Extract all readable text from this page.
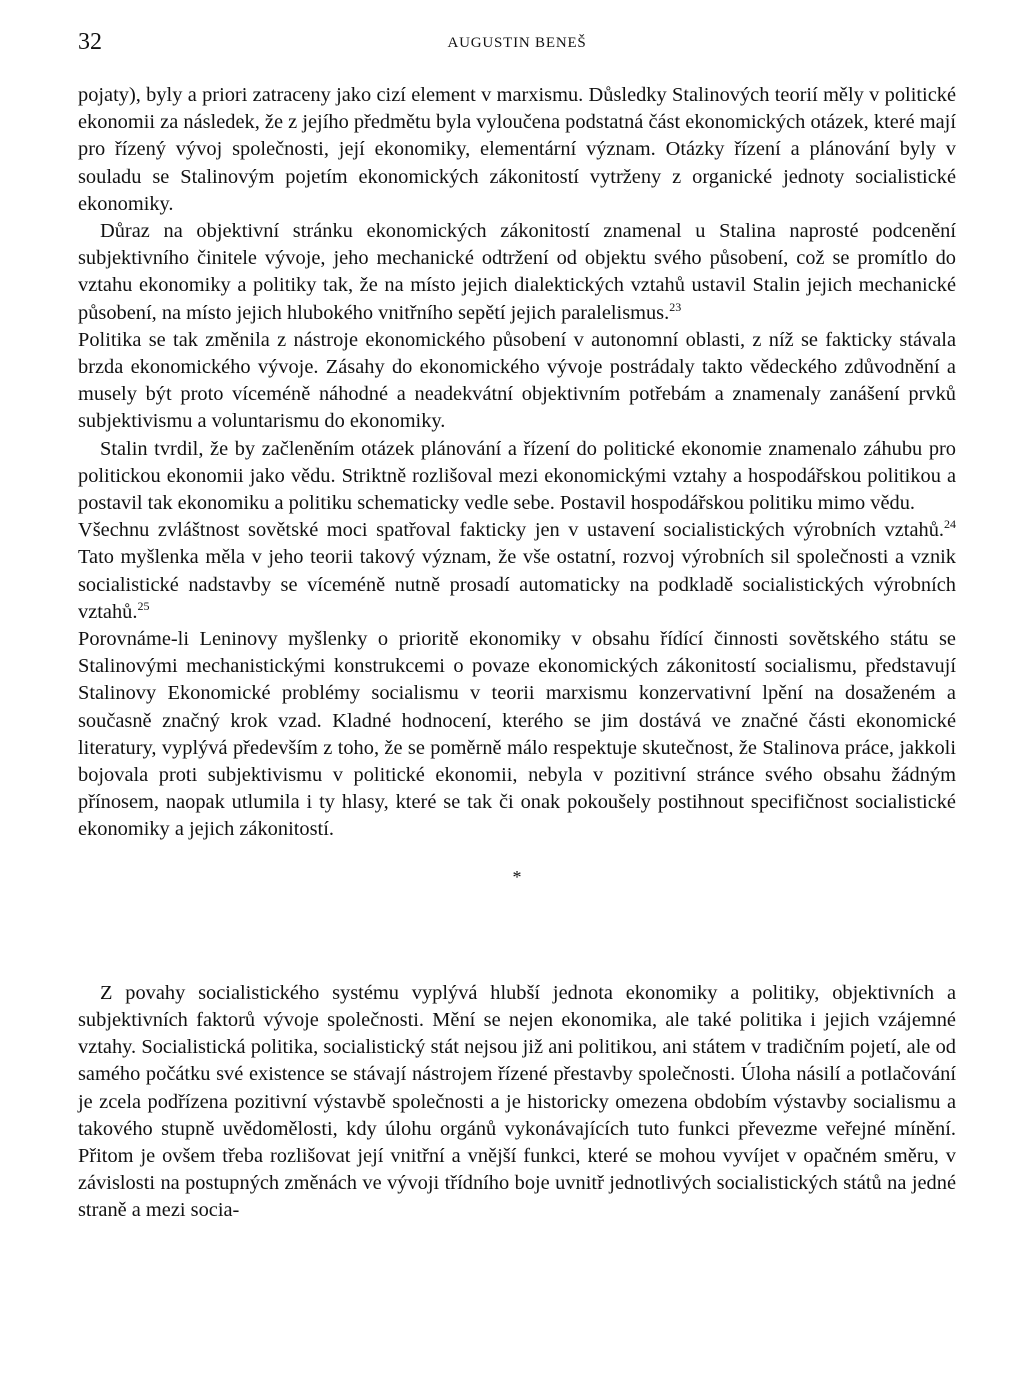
32	AUGUSTIN BENEŠ

pojaty), byly a priori zatraceny jako cizí element v marxismu. Důsledky Stalinových teorií měly v politické ekonomii za následek, že z jejího předmětu byla vyloučena podstatná část ekonomických otázek, které mají pro řízený vývoj společnosti, její ekonomiky, elementární význam. Otázky řízení a plánování byly v souladu se Stalinovým pojetím ekonomických zákonitostí vytrženy z organické jednoty socialistické ekonomiky.

Důraz na objektivní stránku ekonomických zákonitostí znamenal u Stalina naprosté podcenění subjektivního činitele vývoje, jeho mechanické odtržení od objektu svého působení, což se promítlo do vztahu ekonomiky a politiky tak, že na místo jejich dialektických vztahů ustavil Stalin jejich mechanické působení, na místo jejich hlubokého vnitřního sepětí jejich paralelismus.$^{23}$

Politika se tak změnila z nástroje ekonomického působení v autonomní oblasti, z níž se fakticky stávala brzda ekonomického vývoje. Zásahy do ekonomického vývoje postrádaly takto vědeckého zdůvodnění a musely být proto víceméně náhodné a neadekvátní objektivním potřebám a znamenaly zanášení prvků subjektivismu a voluntarismu do ekonomiky.

Stalin tvrdil, že by začleněním otázek plánování a řízení do politické ekonomie znamenalo záhubu pro politickou ekonomii jako vědu. Striktně rozlišoval mezi ekonomickými vztahy a hospodářskou politikou a postavil tak ekonomiku a politiku schematicky vedle sebe. Postavil hospodářskou politiku mimo vědu.

Všechnu zvláštnost sovětské moci spatřoval fakticky jen v ustavení socialistických výrobních vztahů.$^{24}$ Tato myšlenka měla v jeho teorii takový význam, že vše ostatní, rozvoj výrobních sil společnosti a vznik socialistické nadstavby se víceméně nutně prosadí automaticky na podkladě socialistických výrobních vztahů.$^{25}$

Porovnáme-li Leninovy myšlenky o prioritě ekonomiky v obsahu řídící činnosti sovětského státu se Stalinovými mechanistickými konstrukcemi o povaze ekonomických zákonitostí socialismu, představují Stalinovy Ekonomické problémy socialismu v teorii marxismu konzervativní lpění na dosaženém a současně značný krok vzad. Kladné hodnocení, kterého se jim dostává ve značné části ekonomické literatury, vyplývá především z toho, že se poměrně málo respektuje skutečnost, že Stalinova práce, jakkoli bojovala proti subjektivismu v politické ekonomii, nebyla v pozitivní stránce svého obsahu žádným přínosem, naopak utlumila i ty hlasy, které se tak či onak pokoušely postihnout specifičnost socialistické ekonomiky a jejich zákonitostí.

*

Z povahy socialistického systému vyplývá hlubší jednota ekonomiky a politiky, objektivních a subjektivních faktorů vývoje společnosti. Mění se nejen ekonomika, ale také politika i jejich vzájemné vztahy. Socialistická politika, socialistický stát nejsou již ani politikou, ani státem v tradičním pojetí, ale od samého počátku své existence se stávají nástrojem řízené přestavby společnosti. Úloha násilí a potlačování je zcela podřízena pozitivní výstavbě společnosti a je historicky omezena obdobím výstavby socialismu a takového stupně uvědomělosti, kdy úlohu orgánů vykonávajících tuto funkci převezme veřejné mínění. Přitom je ovšem třeba rozlišovat její vnitřní a vnější funkci, které se mohou vyvíjet v opačném směru, v závislosti na postupných změnách ve vývoji třídního boje uvnitř jednotlivých socialistických států na jedné straně a mezi socia-
